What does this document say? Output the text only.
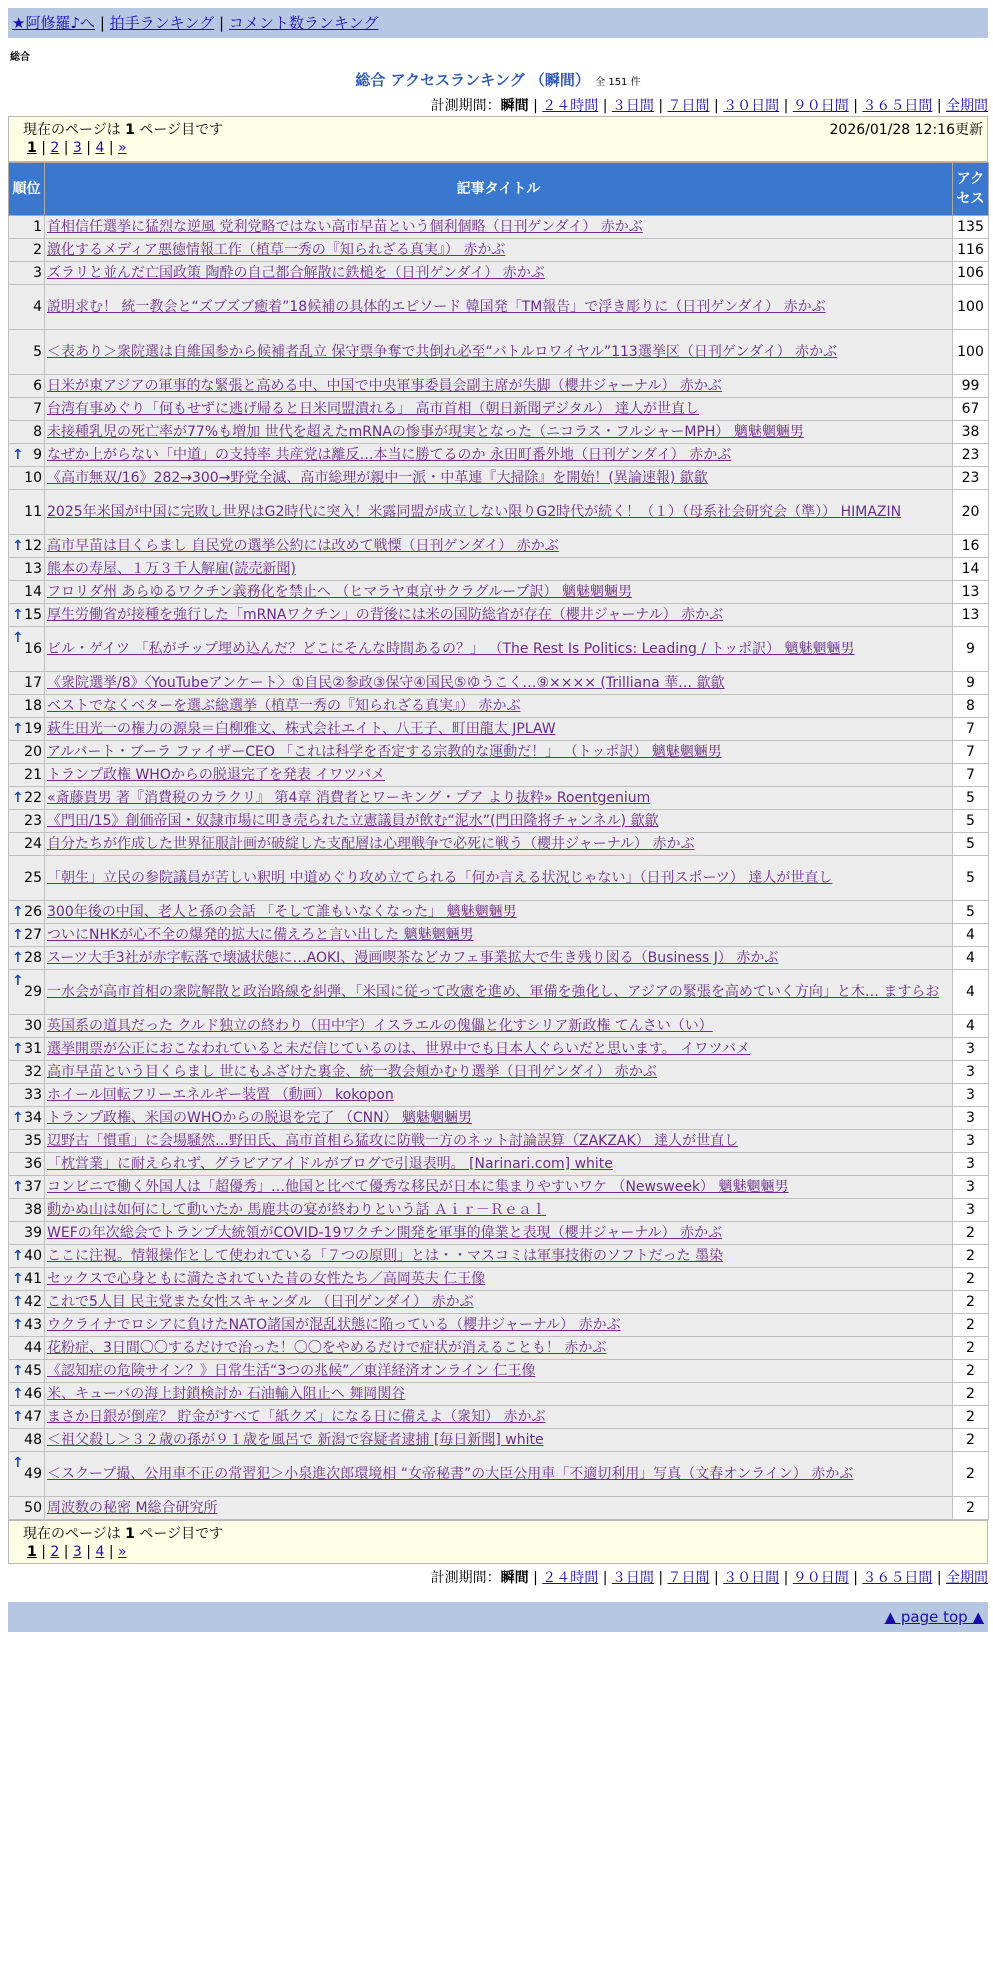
★阿修羅♪へ | 拍手ランキング | コメント数ランキング
総合
総合 アクセスランキング （瞬間） 全 151 件
計測期間：瞬間 | ２４時間 | ３日間 | ７日間 | ３０日間 | ９０日間 | ３６５日間 | 全期間
現在のページは 1 ページ目です	2026/01/28 12:16更新
1 | 2 | 3 | 4 | »
順位	記事タイトル	アクセス
1	首相信任選挙に猛烈な逆風 党利党略ではない高市早苗という個利個略（日刊ゲンダイ） 赤かぶ	135
2	激化するメディア悪徳情報工作（植草一秀の『知られざる真実』） 赤かぶ	116
3	ズラリと並んだ亡国政策 陶酔の自己都合解散に鉄槌を（日刊ゲンダイ） 赤かぶ	106
4	説明求む！ 統一教会と“ズブズブ癒着”18候補の具体的エピソード 韓国発「TM報告」で浮き彫りに（日刊ゲンダイ） 赤かぶ	100
5	＜表あり＞衆院選は自維国参から候補者乱立 保守票争奪で共倒れ必至“バトルロワイヤル”113選挙区（日刊ゲンダイ） 赤かぶ	100
6	日米が東アジアの軍事的な緊張と高める中、中国で中央軍事委員会副主席が失脚（櫻井ジャーナル） 赤かぶ	99
7	台湾有事めぐり「何もせずに逃げ帰ると日米同盟潰れる」 高市首相（朝日新聞デジタル） 達人が世直し	67
8	未接種乳児の死亡率が77%も増加 世代を超えたmRNAの惨事が現実となった（ニコラス・フルシャーMPH） 魑魅魍魎男	38

↑ 9	なぜか上がらない「中道」の支持率 共産党は離反…本当に勝てるのか 永田町番外地（日刊ゲンダイ） 赤かぶ	23
10	《高市無双/16》282→300→野党全滅、高市総理が親中一派・中革連『大掃除』を開始！(異論速報) 歙歙	23
11	2025年米国が中国に完敗し世界はG2時代に突入！米露同盟が成立しない限りG2時代が続く！（１）（母系社会研究会（準）） HIMAZIN	20

↑ 12	高市早苗は目くらまし 自民党の選挙公約には改めて戦慄（日刊ゲンダイ） 赤かぶ	16
13	熊本の寿屋、１万３千人解雇(読売新聞)	14
14	フロリダ州 あらゆるワクチン義務化を禁止へ （ヒマラヤ東京サクラグループ訳） 魑魅魍魎男	13

↑ 15	厚生労働省が接種を強行した「mRNAワクチン」の背後には米の国防総省が存在（櫻井ジャーナル） 赤かぶ	13

↑
16	ビル・ゲイツ 「私がチップ埋め込んだ？どこにそんな時間あるの？」 （The Rest Is Politics: Leading / トッポ訳） 魑魅魍魎男	9
17	《衆院選挙/8》〈YouTubeアンケート〉①自民②参政③保守④国民⑤ゆうこく…⑨×××× (Trilliana 華… 歙歙	9
18	ベストでなくベターを選ぶ総選挙（植草一秀の『知られざる真実』） 赤かぶ	8

↑ 19	萩生田光一の権力の源泉＝白柳雅文、株式会社エイト、八王子、町田龍太 JPLAW	7
20	アルバート・ブーラ ファイザーCEO 「これは科学を否定する宗教的な運動だ！」 （トッポ訳） 魑魅魍魎男	7
21	トランプ政権 WHOからの脱退完了を発表 イワツバメ	7

↑ 22	«斎藤貴男 著『消費税のカラクリ』 第4章 消費者とワーキング・プア より抜粋» Roentgenium	5
23	《門田/15》創価帝国・奴隷市場に叩き売られた立憲議員が飲む“泥水”(門田隆将チャンネル) 歙歙	5
24	自分たちが作成した世界征服計画が破綻した支配層は心理戦争で必死に戦う（櫻井ジャーナル） 赤かぶ	5
25	「朝生」立民の参院議員が苦しい釈明 中道めぐり攻め立てられる「何か言える状況じゃない」（日刊スポーツ） 達人が世直し	5

↑ 26	300年後の中国、老人と孫の会話 「そして誰もいなくなった」 魑魅魍魎男	5

↑ 27	ついにNHKが心不全の爆発的拡大に備えろと言い出した 魑魅魍魎男	4

↑ 28	スーツ大手3社が赤字転落で壊滅状態に…AOKI、漫画喫茶などカフェ事業拡大で生き残り図る（Business J） 赤かぶ	4

↑
29	一水会が高市首相の衆院解散と政治路線を糾弾、「米国に従って改憲を進め、軍備を強化し、アジアの緊張を高めていく方向」と木… ますらお	4
30	英国系の道具だった クルド独立の終わり（田中宇）イスラエルの傀儡と化すシリア新政権 てんさい（い）	4

↑ 31	選挙開票が公正におこなわれていると未だ信じているのは、世界中でも日本人ぐらいだと思います。 イワツバメ	3
32	高市早苗という目くらまし 世にもふざけた裏金、統一教会頬かむり選挙（日刊ゲンダイ） 赤かぶ	3
33	ホイール回転フリーエネルギー装置 （動画） kokopon	3

↑ 34	トランプ政権、米国のWHOからの脱退を完了 （CNN） 魑魅魍魎男	3
35	辺野古「慣重」に会場騒然…野田氏、高市首相ら猛攻に防戦一方のネット討論誤算（ZAKZAK） 達人が世直し	3
36	「枕営業」に耐えられず、グラビアアイドルがブログで引退表明。 [Narinari.com] white	3

↑ 37	コンビニで働く外国人は「超優秀」…他国と比べて優秀な移民が日本に集まりやすいワケ （Newsweek） 魑魅魍魎男	3
38	動かぬ山は如何にして動いたか 馬鹿共の宴が終わりという話 Ａｉｒ－Ｒｅａｌ	3
39	WEFの年次総会でトランプ大統領がCOVID-19ワクチン開発を軍事的偉業と表現（櫻井ジャーナル） 赤かぶ	2

↑ 40	ここに注視。情報操作として使われている「７つの原則」とは・・マスコミは軍事技術のソフトだった 墨染	2

↑ 41	セックスで心身ともに満たされていた昔の女性たち／高岡英夫 仁王像	2

↑ 42	これで5人目 民主党また女性スキャンダル （日刊ゲンダイ） 赤かぶ	2

↑ 43	ウクライナでロシアに負けたNATO諸国が混乱状態に陥っている（櫻井ジャーナル） 赤かぶ	2
44	花粉症、3日間〇〇するだけで治った！〇〇をやめるだけで症状が消えることも！ 赤かぶ	2

↑ 45	《認知症の危険サイン？》日常生活“3つの兆候”／東洋経済オンライン 仁王像	2

↑ 46	米、キューバの海上封鎖検討か 石油輸入阻止へ 舞岡関谷	2

↑ 47	まさか日銀が倒産？ 貯金がすべて「紙クズ」になる日に備えよ（衆知） 赤かぶ	2
48	＜祖父殺し＞３２歳の孫が９１歳を風呂で 新潟で容疑者逮捕 [毎日新聞] white	2

↑
49	＜スクープ撮、公用車不正の常習犯＞小泉進次郎環境相 “女帝秘書”の大臣公用車「不適切利用」写真（文春オンライン） 赤かぶ	2
50	周波数の秘密 M総合研究所	2
現在のページは 1 ページ目です
1 | 2 | 3 | 4 | »
計測期間：瞬間 | ２４時間 | ３日間 | ７日間 | ３０日間 | ９０日間 | ３６５日間 | 全期間
▲ page top ▲
